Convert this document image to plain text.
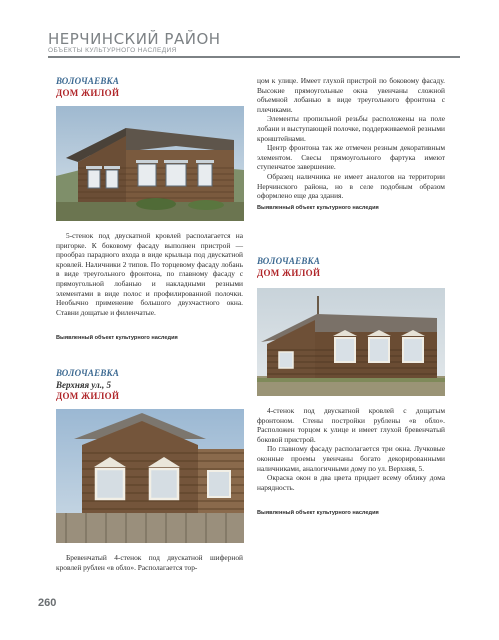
НЕРЧИНСКИЙ РАЙОН
ОБЪЕКТЫ КУЛЬТУРНОГО НАСЛЕДИЯ
ВОЛОЧАЕВКА
ДОМ ЖИЛОЙ

5-стенок под двускатной кровлей располагается на пригорке. К боковому фасаду выполнен пристрой — прообраз парадного входа в виде крыльца под двускатной кровлей. Наличники 2 типов. По торцевому фасаду лобань в виде треугольного фронтона, по главному фасаду с прямоугольной лобанью и накладными резными элементами в виде полос и профилированной полочки. Необычно применение большого двухчастного окна. Ставни дощатые и филенчатые.

Выявленный объект культурного наследия

цом к улице. Имеет глухой пристрой по боковому фасаду. Высокие прямоугольные окна увенчаны сложной объемной лобанью в виде треугольного фронтона с плечиками.

Элементы пропильной резьбы расположены на поле лобани и выступающей полочке, поддерживаемой резными кронштейнами.

Центр фронтона так же отмечен резным декоративным элементом. Свесы прямоугольного фартука имеют ступенчатое завершение.

Образец наличника не имеет аналогов на территории Нерчинского района, но в селе подобным образом оформлено еще два здания.

Выявленный объект культурного наследия
ВОЛОЧАЕВКА
ДОМ ЖИЛОЙ

4-стенок под двускатной кровлей с дощатым фронтоном. Стены постройки рублены «в обло». Расположен торцом к улице и имеет глухой бревенчатый боковой пристрой.

По главному фасаду располагается три окна. Лучковые оконные проемы увенчаны богато декорированными наличниками, аналогичными дому по ул. Верхняя, 5.

Окраска окон в два цвета придает всему облику дома нарядность.

Выявленный объект культурного наследия
ВОЛОЧАЕВКА
Верхняя ул., 5
ДОМ ЖИЛОЙ

Бревенчатый 4-стенок под двускатной шиферной кровлей рублен «в обло». Располагается тор-

260
